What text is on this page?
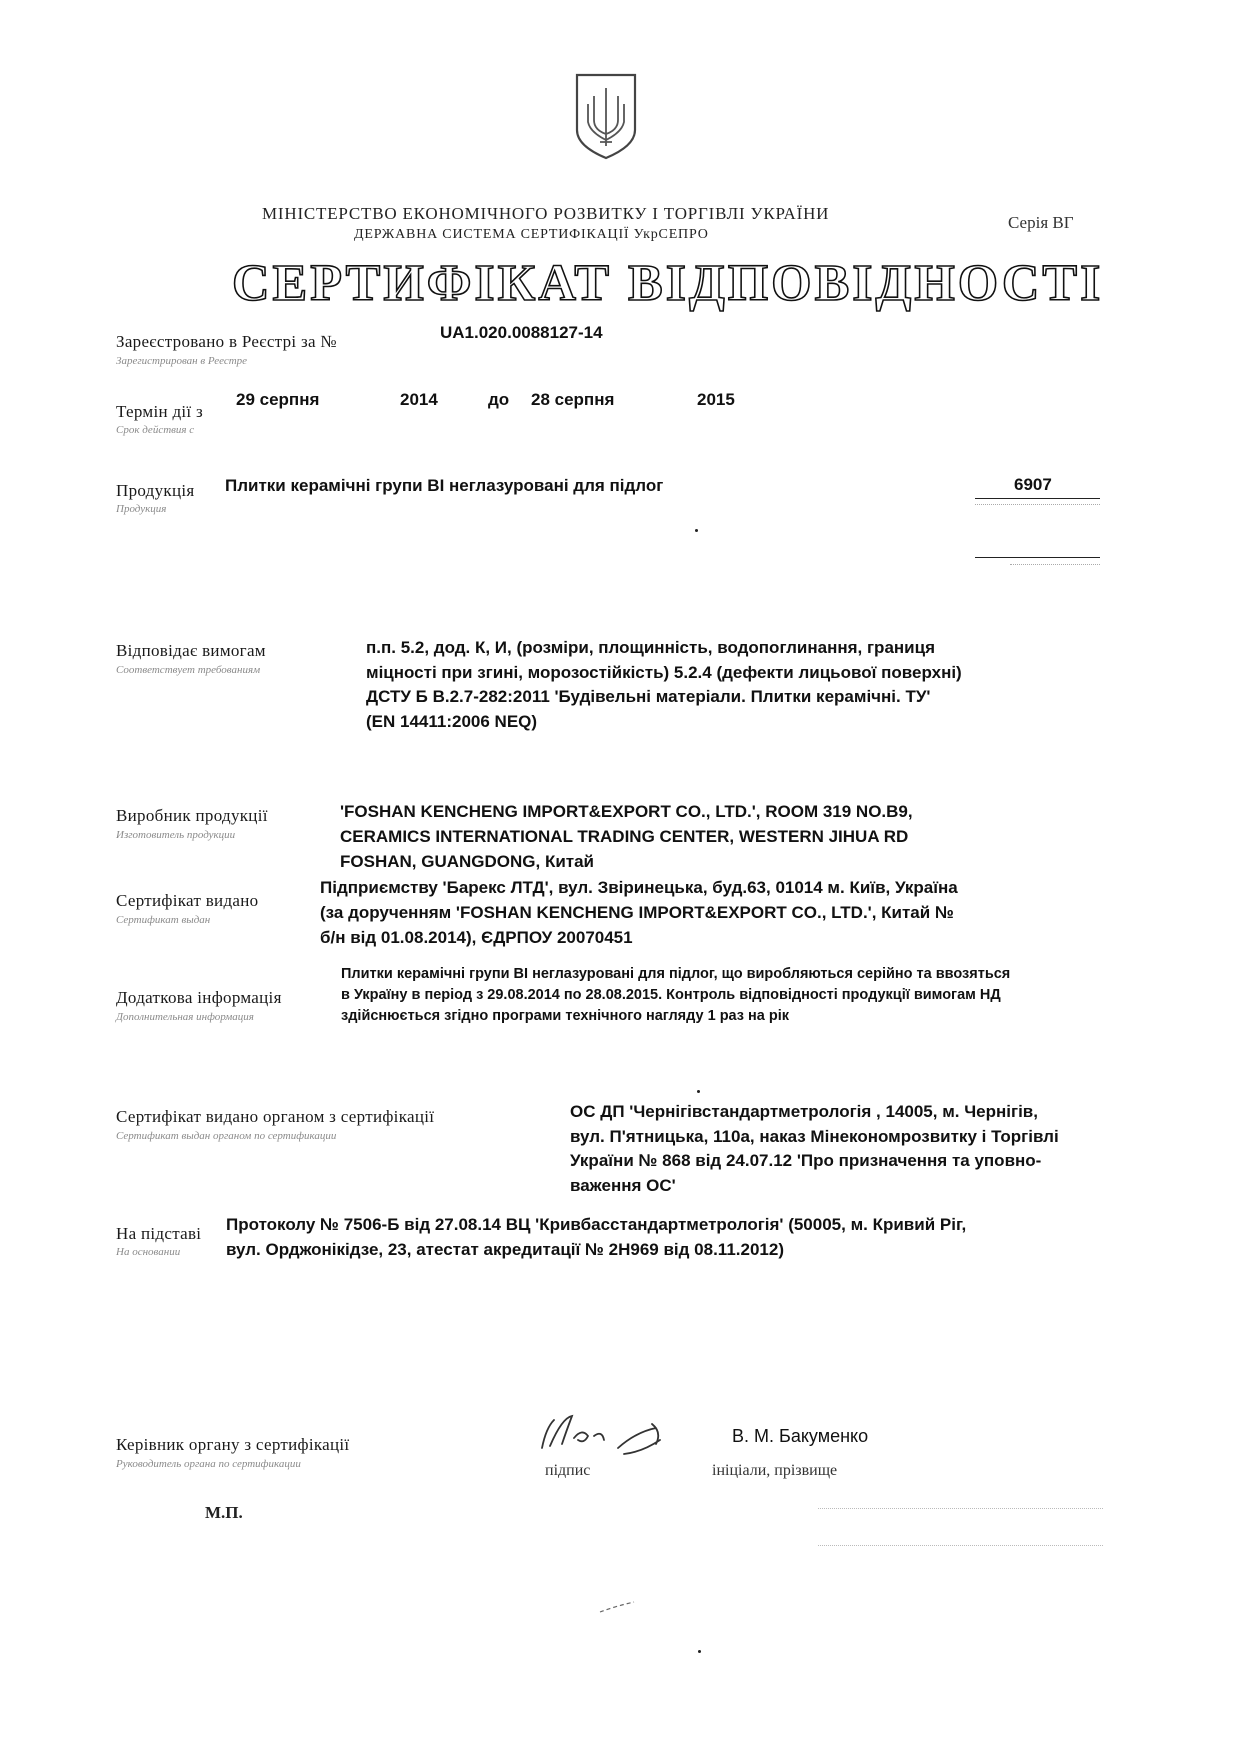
МІНІСТЕРСТВО ЕКОНОМІЧНОГО РОЗВИТКУ І ТОРГІВЛІ УКРАЇНИ
ДЕРЖАВНА СИСТЕМА СЕРТИФІКАЦІЇ УкрСЕПРО
Серія ВГ
СЕРТИФІКАТ ВІДПОВІДНОСТІ
Зареєстровано в Реєстрі за №
Зарегистрирован в Реестре
UA1.020.0088127-14
Термін дії з
Срок действия с
29 серпня	2014	до 28 серпня	2015
Продукція
Продукция
Плитки керамічні групи BI неглазуровані для підлог	6907
Відповідає вимогам
Соответствует требованиям
п.п. 5.2, дод. К, И, (розміри, площинність, водопоглинання, границя
міцності при згині, морозостійкість) 5.2.4 (дефекти лицьової поверхні)
ДСТУ Б В.2.7-282:2011 'Будівельні матеріали. Плитки керамічні. ТУ'
(EN 14411:2006 NEQ)
Виробник продукції
Изготовитель продукции
'FOSHAN KENCHENG IMPORT&EXPORT CO., LTD.', ROOM 319 NO.B9,
CERAMICS INTERNATIONAL TRADING CENTER, WESTERN JIHUA RD
FOSHAN, GUANGDONG, Китай
Сертифікат видано
Сертификат выдан
Підприємству 'Барекс ЛТД', вул. Звіринецька, буд.63, 01014 м. Київ, Україна
(за дорученням 'FOSHAN KENCHENG IMPORT&EXPORT CO., LTD.', Китай №
б/н від 01.08.2014), ЄДРПОУ 20070451
Додаткова інформація
Дополнительная информация
Плитки керамічні групи BI неглазуровані для підлог, що виробляються серійно та ввозяться
в Україну в період з 29.08.2014 по 28.08.2015. Контроль відповідності продукції вимогам НД
здійснюється згідно програми технічного нагляду 1 раз на рік
Сертифікат видано органом з сертифікації
Сертификат выдан органом по сертификации
ОС ДП 'Чернігівстандартметрологія , 14005, м. Чернігів,
вул. П'ятницька, 110а, наказ Мінекономрозвитку і Торгівлі
України № 868 від 24.07.12 'Про призначення та уповно-
важення ОС'
На підставі
На основании
Протоколу № 7506-Б від 27.08.14 ВЦ 'Кривбасстандартметрологія' (50005, м. Кривий Ріг,
вул. Орджонікідзе, 23, атестат акредитації № 2Н969 від 08.11.2012)
Керівник органу з сертифікації
Руководитель органа по сертификации	підпис
В. М. Бакуменко
ініціали, прізвище
М.П.
